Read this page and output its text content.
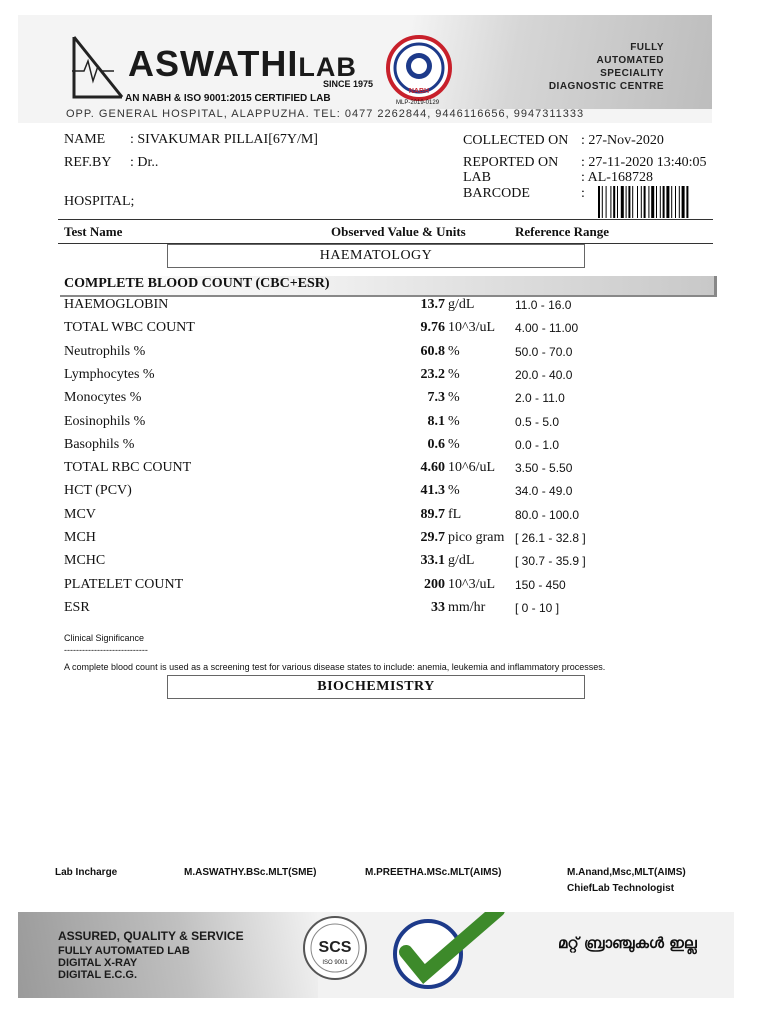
ASWATHILAB
SINCE 1975
AN NABH & ISO 9001:2015 CERTIFIED LAB
NABH
MLP-2019-0129
FULLY
AUTOMATED
SPECIALITY
DIAGNOSTIC CENTRE
OPP. GENERAL HOSPITAL, ALAPPUZHA. TEL: 0477 2262844, 9446116656, 9947311333
NAME : SIVAKUMAR PILLAI[67Y/M]
REF.BY : Dr..
HOSPITAL;
COLLECTED ON : 27-Nov-2020
REPORTED ON : 27-11-2020 13:40:05
LAB	: AL-168728
BARCODE	:
Test Name	Observed Value & Units	Reference Range
HAEMATOLOGY
COMPLETE BLOOD COUNT (CBC+ESR)
HAEMOGLOBIN	13.7 g/dL	11.0 - 16.0
TOTAL WBC COUNT	9.76 10^3/uL 4.00 - 11.00
Neutrophils %	60.8 %	50.0 - 70.0
Lymphocytes %	23.2 %	20.0 - 40.0
Monocytes %	7.3 %	2.0 - 11.0
Eosinophils %	8.1 %	0.5 - 5.0
Basophils %	0.6 %	0.0 - 1.0
TOTAL RBC COUNT	4.60 10^6/uL 3.50 - 5.50
HCT (PCV)	41.3 %	34.0 - 49.0
MCV	89.7 fL	80.0 - 100.0
MCH	29.7 pico gram [ 26.1 - 32.8 ]
MCHC	33.1 g/dL	[ 30.7 - 35.9 ]
PLATELET COUNT	200 10^3/uL 150 - 450
ESR	33 mm/hr [ 0 - 10 ]
Clinical Significance
----------------------------
A complete blood count is used as a screening test for various disease states to include: anemia, leukemia and inflammatory processes.
BIOCHEMISTRY
Lab Incharge	M.ASWATHY.BSc.MLT(SME)	M.PREETHA.MSc.MLT(AIMS)	M.Anand,Msc,MLT(AIMS)
ChiefLab Technologist
ASSURED, QUALITY & SERVICE
FULLY AUTOMATED LAB
DIGITAL X-RAY
DIGITAL E.C.G.
SCS
ISO 9001
മറ്റ് ബ്രാഞ്ചുകൾ ഇല്ല
